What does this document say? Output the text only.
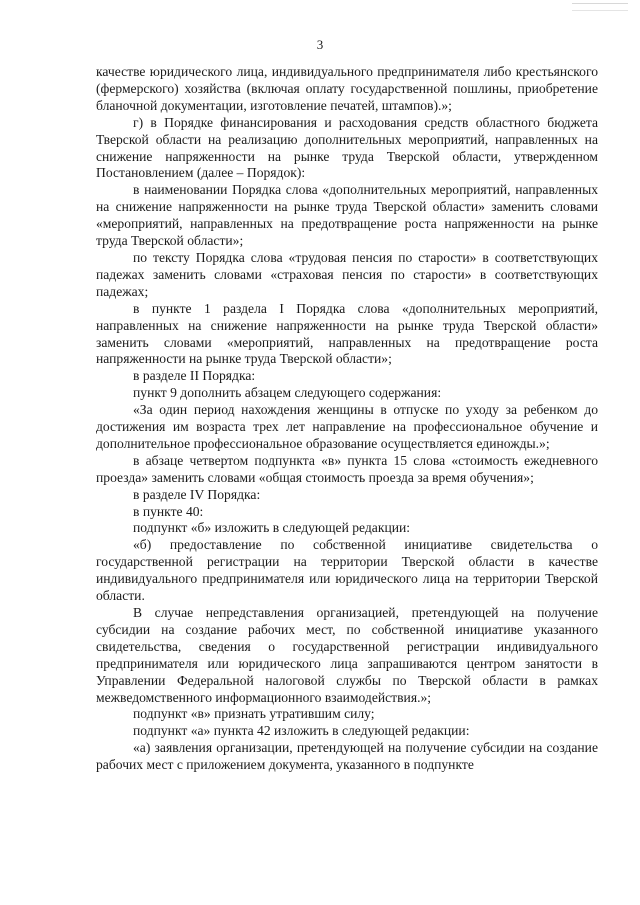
3

качестве юридического лица, индивидуального предпринимателя либо крестьянского (фермерского) хозяйства (включая оплату государственной пошлины, приобретение бланочной документации, изготовление печатей, штампов).»;

г) в Порядке финансирования и расходования средств областного бюджета Тверской области на реализацию дополнительных мероприятий, направленных на снижение напряженности на рынке труда Тверской области, утвержденном Постановлением (далее – Порядок):

в наименовании Порядка слова «дополнительных мероприятий, направленных на снижение напряженности на рынке труда Тверской области» заменить словами «мероприятий, направленных на предотвращение роста напряженности на рынке труда Тверской области»;

по тексту Порядка слова «трудовая пенсия по старости» в соответствующих падежах заменить словами «страховая пенсия по старости» в соответствующих падежах;

в пункте 1 раздела I Порядка слова «дополнительных мероприятий, направленных на снижение напряженности на рынке труда Тверской области» заменить словами «мероприятий, направленных на предотвращение роста напряженности на рынке труда Тверской области»;

в разделе II Порядка:

пункт 9 дополнить абзацем следующего содержания:

«За один период нахождения женщины в отпуске по уходу за ребенком до достижения им возраста трех лет направление на профессиональное обучение и дополнительное профессиональное образование осуществляется единожды.»;

в абзаце четвертом подпункта «в» пункта 15 слова «стоимость ежедневного проезда» заменить словами «общая стоимость проезда за время обучения»;

в разделе IV Порядка:

в пункте 40:

подпункт «б» изложить в следующей редакции:

«б) предоставление по собственной инициативе свидетельства о государственной регистрации на территории Тверской области в качестве индивидуального предпринимателя или юридического лица на территории Тверской области.

В случае непредставления организацией, претендующей на получение субсидии на создание рабочих мест, по собственной инициативе указанного свидетельства, сведения о государственной регистрации индивидуального предпринимателя или юридического лица запрашиваются центром занятости в Управлении Федеральной налоговой службы по Тверской области в рамках межведомственного информационного взаимодействия.»;

подпункт «в» признать утратившим силу;

подпункт «а» пункта 42 изложить в следующей редакции:

«а) заявления организации, претендующей на получение субсидии на создание рабочих мест с приложением документа, указанного в подпункте
